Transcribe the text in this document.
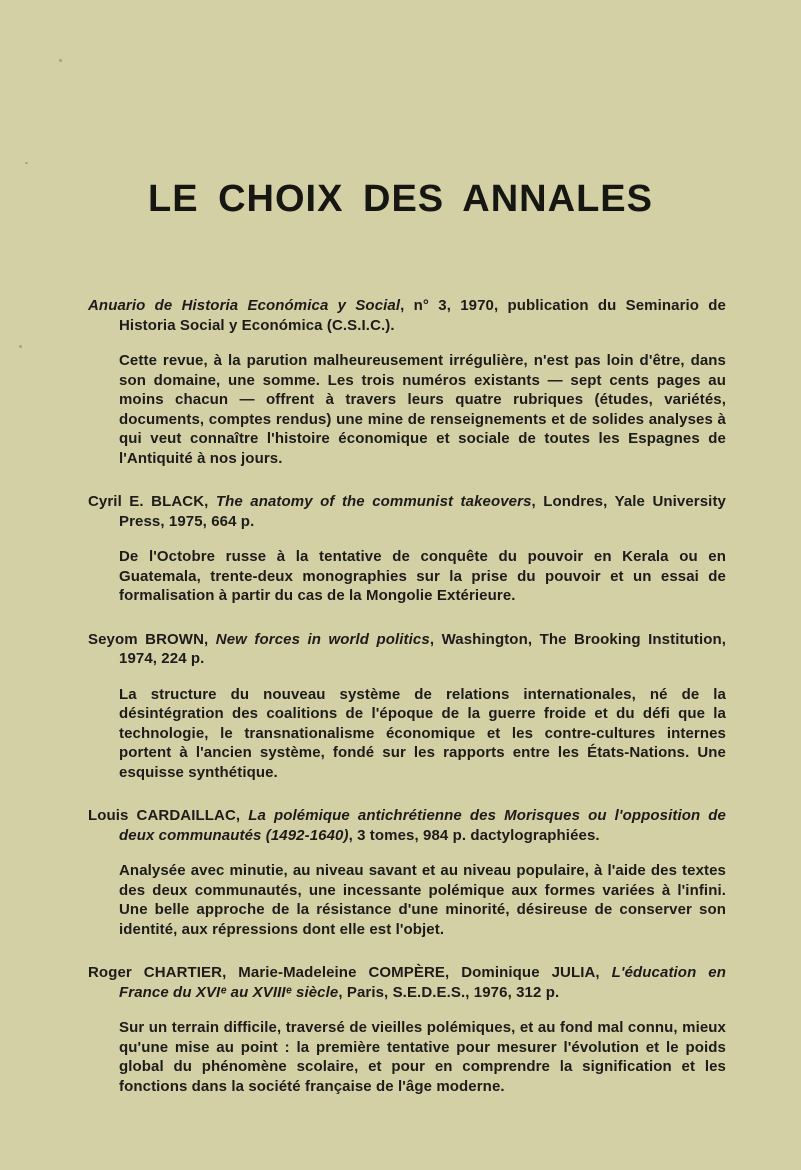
LE CHOIX DES ANNALES

Anuario de Historia Económica y Social, n° 3, 1970, publication du Seminario de Historia Social y Económica (C.S.I.C.).

Cette revue, à la parution malheureusement irrégulière, n'est pas loin d'être, dans son domaine, une somme. Les trois numéros existants — sept cents pages au moins chacun — offrent à travers leurs quatre rubriques (études, variétés, documents, comptes rendus) une mine de renseignements et de solides analyses à qui veut connaître l'histoire économique et sociale de toutes les Espagnes de l'Antiquité à nos jours.

Cyril E. BLACK, The anatomy of the communist takeovers, Londres, Yale University Press, 1975, 664 p.

De l'Octobre russe à la tentative de conquête du pouvoir en Kerala ou en Guatemala, trente-deux monographies sur la prise du pouvoir et un essai de formalisation à partir du cas de la Mongolie Extérieure.

Seyom BROWN, New forces in world politics, Washington, The Brooking Institution, 1974, 224 p.

La structure du nouveau système de relations internationales, né de la désintégration des coalitions de l'époque de la guerre froide et du défi que la technologie, le transnationalisme économique et les contre-cultures internes portent à l'ancien système, fondé sur les rapports entre les États-Nations. Une esquisse synthétique.

Louis CARDAILLAC, La polémique antichrétienne des Morisques ou l'opposition de deux communautés (1492-1640), 3 tomes, 984 p. dactylographiées.

Analysée avec minutie, au niveau savant et au niveau populaire, à l'aide des textes des deux communautés, une incessante polémique aux formes variées à l'infini. Une belle approche de la résistance d'une minorité, désireuse de conserver son identité, aux répressions dont elle est l'objet.

Roger CHARTIER, Marie-Madeleine COMPÈRE, Dominique JULIA, L'éducation en France du XVIᵉ au XVIIIᵉ siècle, Paris, S.E.D.E.S., 1976, 312 p.

Sur un terrain difficile, traversé de vieilles polémiques, et au fond mal connu, mieux qu'une mise au point : la première tentative pour mesurer l'évolution et le poids global du phénomène scolaire, et pour en comprendre la signification et les fonctions dans la société française de l'âge moderne.
